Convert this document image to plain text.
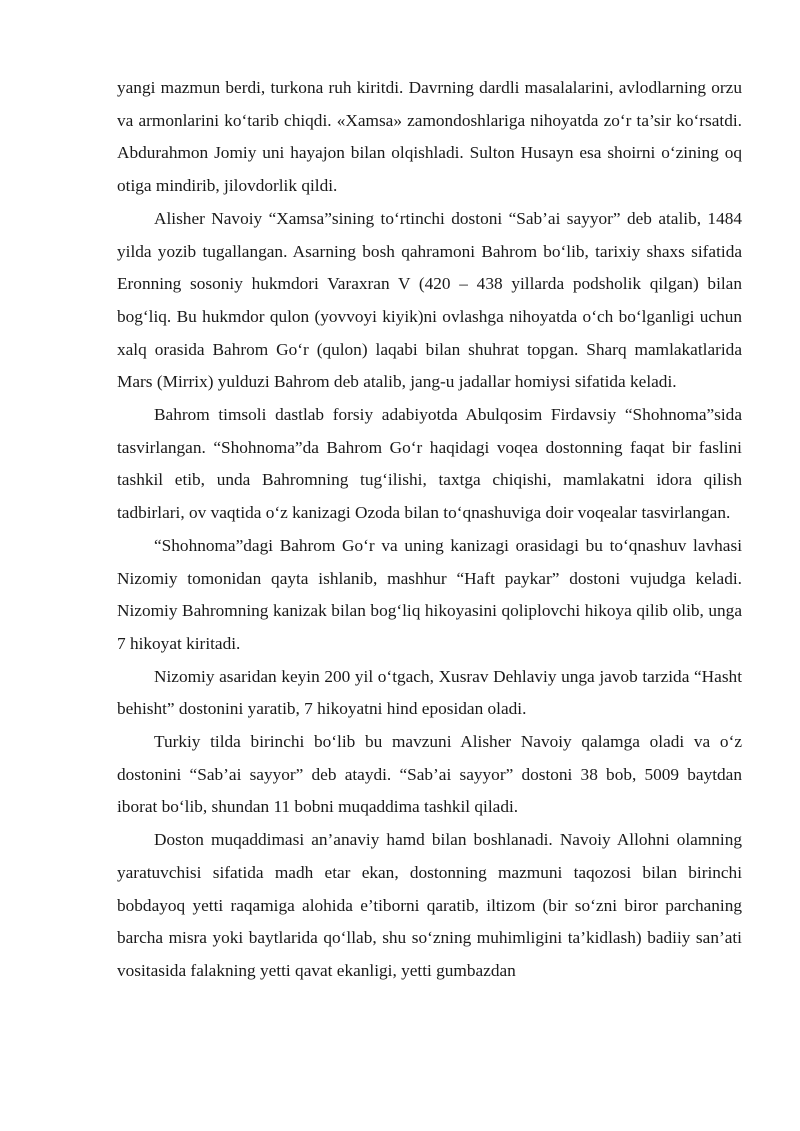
yangi mazmun berdi, turkona ruh kiritdi. Davrning dardli masalalarini, avlodlarning orzu va armonlarini ko‘tarib chiqdi. «Xamsa» zamondoshlariga nihoyatda zo‘r ta’sir ko‘rsatdi. Abdurahmon Jomiy uni hayajon bilan olqishladi. Sulton Husayn esa shoirni o‘zining oq otiga mindirib, jilovdorlik qildi.

Alisher Navoiy “Xamsa”sining to‘rtinchi dostoni “Sab’ai sayyor” deb atalib, 1484 yilda yozib tugallangan. Asarning bosh qahramoni Bahrom bo‘lib, tarixiy shaxs sifatida Eronning sosoniy hukmdori Varaxran V (420 – 438 yillarda podsholik qilgan) bilan bog‘liq. Bu hukmdor qulon (yovvoyi kiyik)ni ovlashga nihoyatda o‘ch bo‘lganligi uchun xalq orasida Bahrom Go‘r (qulon) laqabi bilan shuhrat topgan. Sharq mamlakatlarida Mars (Mirrix) yulduzi Bahrom deb atalib, jang-u jadallar homiysi sifatida keladi.

Bahrom timsoli dastlab forsiy adabiyotda Abulqosim Firdavsiy “Shohnoma”sida tasvirlangan. “Shohnoma”da Bahrom Go‘r haqidagi voqea dostonning faqat bir faslini tashkil etib, unda Bahromning tug‘ilishi, taxtga chiqishi, mamlakatni idora qilish tadbirlari, ov vaqtida o‘z kanizagi Ozoda bilan to‘qnashuviga doir voqealar tasvirlangan.

“Shohnoma”dagi Bahrom Go‘r va uning kanizagi orasidagi bu to‘qnashuv lavhasi Nizomiy tomonidan qayta ishlanib, mashhur “Haft paykar” dostoni vujudga keladi. Nizomiy Bahromning kanizak bilan bog‘liq hikoyasini qoliplovchi hikoya qilib olib, unga 7 hikoyat kiritadi.

Nizomiy asaridan keyin 200 yil o‘tgach, Xusrav Dehlaviy unga javob tarzida “Hasht behisht” dostonini yaratib, 7 hikoyatni hind eposidan oladi.

Turkiy tilda birinchi bo‘lib bu mavzuni Alisher Navoiy qalamga oladi va o‘z dostonini “Sab’ai sayyor” deb ataydi. “Sab’ai sayyor” dostoni 38 bob, 5009 baytdan iborat bo‘lib, shundan 11 bobni muqaddima tashkil qiladi.

Doston muqaddimasi an’anaviy hamd bilan boshlanadi. Navoiy Allohni olamning yaratuvchisi sifatida madh etar ekan, dostonning mazmuni taqozosi bilan birinchi bobdayoq yetti raqamiga alohida e’tiborni qaratib, iltizom (bir so‘zni biror parchaning barcha misra yoki baytlarida qo‘llab, shu so‘zning muhimligini ta’kidlash) badiiy san’ati vositasida falakning yetti qavat ekanligi, yetti gumbazdan
